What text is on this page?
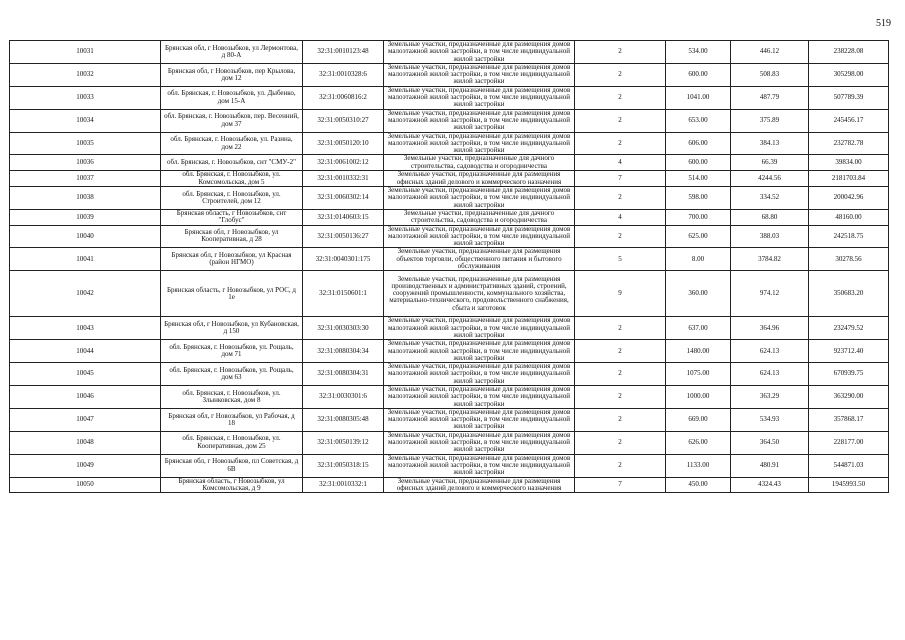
519
10031	Брянская обл, г Новозыбков, ул Лермонтова, д 80-А	32:31:0010123:48	Земельные участки, предназначенные для размещения домов малоэтажной жилой застройки, в том числе индивидуальной жилой застройки	2	534.00	446.12	238228.08
10032	Брянская обл, г Новозыбков, пер Крылова, дом 12	32:31:0010328:6	Земельные участки, предназначенные для размещения домов малоэтажной жилой застройки, в том числе индивидуальной жилой застройки	2	600.00	508.83	305298.00
10033	обл. Брянская, г. Новозыбков, ул. Дыбенко, дом 15-А	32:31:0060816:2	Земельные участки, предназначенные для размещения домов малоэтажной жилой застройки, в том числе индивидуальной жилой застройки	2	1041.00	487.79	507789.39
10034	обл. Брянская, г. Новозыбков, пер. Весенний, дом 37	32:31:0050310:27	Земельные участки, предназначенные для размещения домов малоэтажной жилой застройки, в том числе индивидуальной жилой застройки	2	653.00	375.89	245456.17
10035	обл. Брянская, г. Новозыбков, ул. Разина, дом 22	32:31:0050120:10	Земельные участки, предназначенные для размещения домов малоэтажной жилой застройки, в том числе индивидуальной жилой застройки	2	606.00	384.13	232782.78
10036	обл. Брянская, г. Новозыбков, снт "СМУ-2"	32:31:0061002:12	Земельные участки, предназначенные для дачного строительства, садоводства и огородничества	4	600.00	66.39	39834.00
10037	обл. Брянская, г. Новозыбков, ул. Комсомольская, дом 5	32:31:0010332:31	Земельные участки, предназначенные для размещения офисных зданий делового и коммерческого назначения	7	514.00	4244.56	2181703.84
10038	обл. Брянская, г. Новозыбков, ул. Строителей, дом 12	32:31:0060302:14	Земельные участки, предназначенные для размещения домов малоэтажной жилой застройки, в том числе индивидуальной жилой застройки	2	598.00	334.52	200042.96
10039	Брянская область, г Новозыбков, снт "Глобус"	32:31:0140603:15	Земельные участки, предназначенные для дачного строительства, садоводства и огородничества	4	700.00	68.80	48160.00
10040	Брянская обл, г Новозыбков, ул Кооперативная, д 28	32:31:0050136:27	Земельные участки, предназначенные для размещения домов малоэтажной жилой застройки, в том числе индивидуальной жилой застройки	2	625.00	388.03	242518.75
10041	Брянская обл, г Новозыбков, ул Красная (район НГМО)	32:31:0040301:175	Земельные участки, предназначенные для размещения объектов торговли, общественного питания и бытового обслуживания	5	8.00	3784.82	30278.56
10042	Брянская область, г Новозыбков, ул РОС, д 1е	32:31:0150601:1	Земельные участки, предназначенные для размещения производственных и административных зданий, строений, сооружений промышленности, коммунального хозяйства, материально-технического, продовольственного снабжения, сбыта и заготовок	9	360.00	974.12	350683.20
10043	Брянская обл, г Новозыбков, ул Кубановская, д 150	32:31:0030303:30	Земельные участки, предназначенные для размещения домов малоэтажной жилой застройки, в том числе индивидуальной жилой застройки	2	637.00	364.96	232479.52
10044	обл. Брянская, г. Новозыбков, ул. Рощаль, дом 71	32:31:0080304:34	Земельные участки, предназначенные для размещения домов малоэтажной жилой застройки, в том числе индивидуальной жилой застройки	2	1480.00	624.13	923712.40
10045	обл. Брянская, г. Новозыбков, ул. Рощаль, дом 63	32:31:0080304:31	Земельные участки, предназначенные для размещения домов малоэтажной жилой застройки, в том числе индивидуальной жилой застройки	2	1075.00	624.13	670939.75
10046	обл. Брянская, г. Новозыбков, ул. Злынковская, дом 8	32:31:0030301:6	Земельные участки, предназначенные для размещения домов малоэтажной жилой застройки, в том числе индивидуальной жилой застройки	2	1000.00	363.29	363290.00
10047	Брянская обл, г Новозыбков, ул Рабочая, д 18	32:31:0080305:48	Земельные участки, предназначенные для размещения домов малоэтажной жилой застройки, в том числе индивидуальной жилой застройки	2	669.00	534.93	357868.17
10048	обл. Брянская, г. Новозыбков, ул. Кооперативная, дом 25	32:31:0050139:12	Земельные участки, предназначенные для размещения домов малоэтажной жилой застройки, в том числе индивидуальной жилой застройки	2	626.00	364.50	228177.00
10049	Брянская обл, г Новозыбков, пл Советская, д 6В	32:31:0050318:15	Земельные участки, предназначенные для размещения домов малоэтажной жилой застройки, в том числе индивидуальной жилой застройки	2	1133.00	480.91	544871.03
10050	Брянская область, г Новозыбков, ул Комсомольская, д 9	32:31:0010332:1	Земельные участки, предназначенные для размещения офисных зданий делового и коммерческого назначения	7	450.00	4324.43	1945993.50
